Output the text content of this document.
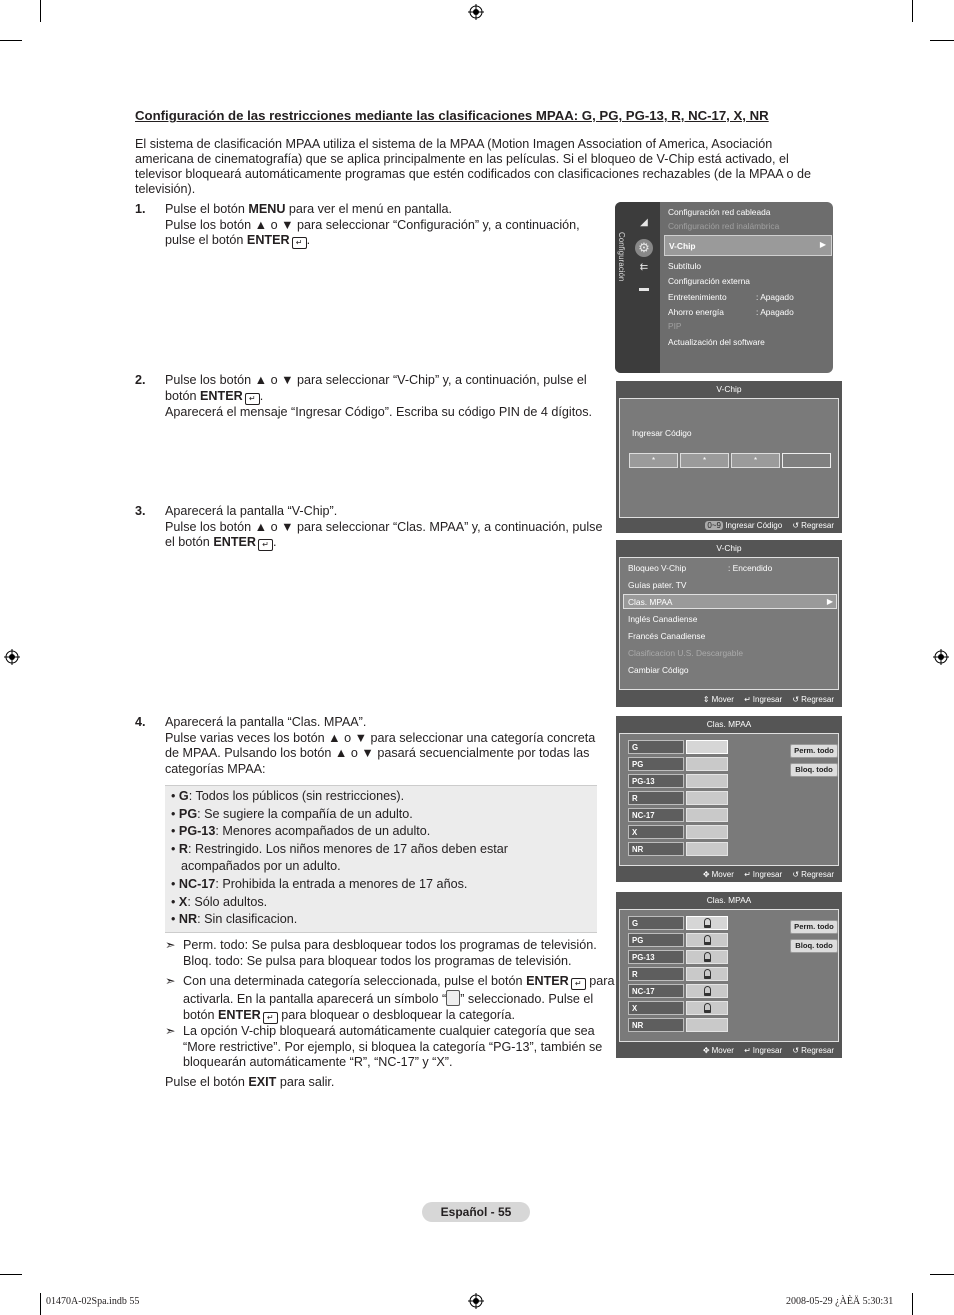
Configuración de las restricciones mediante las clasificaciones MPAA: G, PG, PG-13, R, NC-17, X, NR
El sistema de clasificación MPAA utiliza el sistema de la MPAA (Motion Imagen Association of America, Asociación americana de cinematografía) que se aplica principalmente en las películas. Si el bloqueo de V-Chip está activado, el televisor bloqueará automáticamente programas que estén codificados con clasificaciones rechazables (de la MPAA o de televisión).
1. Pulse el botón MENU para ver el menú en pantalla.
Pulse los botón ▲ o ▼ para seleccionar “Configuración” y, a continuación, pulse el botón ENTER ↵ .
2. Pulse los botón ▲ o ▼ para seleccionar “V-Chip” y, a continuación, pulse el botón ENTER ↵ .
Aparecerá el mensaje “Ingresar Código”. Escriba su código PIN de 4 dígitos.
3. Aparecerá la pantalla “V-Chip”.
Pulse los botón ▲ o ▼ para seleccionar “Clas. MPAA” y, a continuación, pulse el botón ENTER ↵ .
4. Aparecerá la pantalla “Clas. MPAA”.
Pulse varias veces los botón ▲ o ▼ para seleccionar una categoría concreta de MPAA. Pulsando los botón ▲ o ▼ pasará secuencialmente por todas las categorías MPAA:
• G: Todos los públicos (sin restricciones).
• PG: Se sugiere la compañía de un adulto.
• PG-13: Menores acompañados de un adulto.
• R: Restringido. Los niños menores de 17 años deben estar acompañados por un adulto.
• NC-17: Prohibida la entrada a menores de 17 años.
• X: Sólo adultos.
• NR: Sin clasificacion.
➣ Perm. todo: Se pulsa para desbloquear todos los programas de televisión.
Bloq. todo: Se pulsa para bloquear todos los programas de televisión.
➣ Con una determinada categoría seleccionada, pulse el botón ENTER ↵ para activarla. En la pantalla aparecerá un símbolo “ ” seleccionado. Pulse el botón ENTER ↵ para bloquear o desbloquear la categoría.
➣ La opción V-chip bloqueará automáticamente cualquier categoría que sea “More restrictive”. Por ejemplo, si bloquea la categoría “PG-13”, también se bloquearán automáticamente “R”, “NC-17” y “X”.
Pulse el botón EXIT para salir.
Configuración
◢
⚙
⇇
▬
Configuración red cableada
Configuración red inalámbrica
V-Chip	▶
Subtítulo
Configuración externa
Entretenimiento	: Apagado
Ahorro energía	: Apagado
PIP
Actualización del software
V-Chip
Ingresar Código
*	*	*
0~9 Ingresar Código ↺ Regresar
V-Chip
Bloqueo V-Chip	: Encendido
Guías pater. TV
Clas. MPAA	▶
Inglés Canadiense
Francés Canadiense
Clasificacion U.S. Descargable
Cambiar Código
⇕ Mover ↵ Ingresar ↺ Regresar
Clas. MPAA
G
PG
PG-13
R
NC-17
X
NR
Perm. todo
Bloq. todo
✥ Mover ↵ Ingresar ↺ Regresar
Clas. MPAA
G
PG
PG-13
R
NC-17
X
NR
Perm. todo
Bloq. todo
✥ Mover ↵ Ingresar ↺ Regresar
Español - 55
01470A-02Spa.indb 55	2008-05-29 ¿ÀÈÄ 5:30:31
